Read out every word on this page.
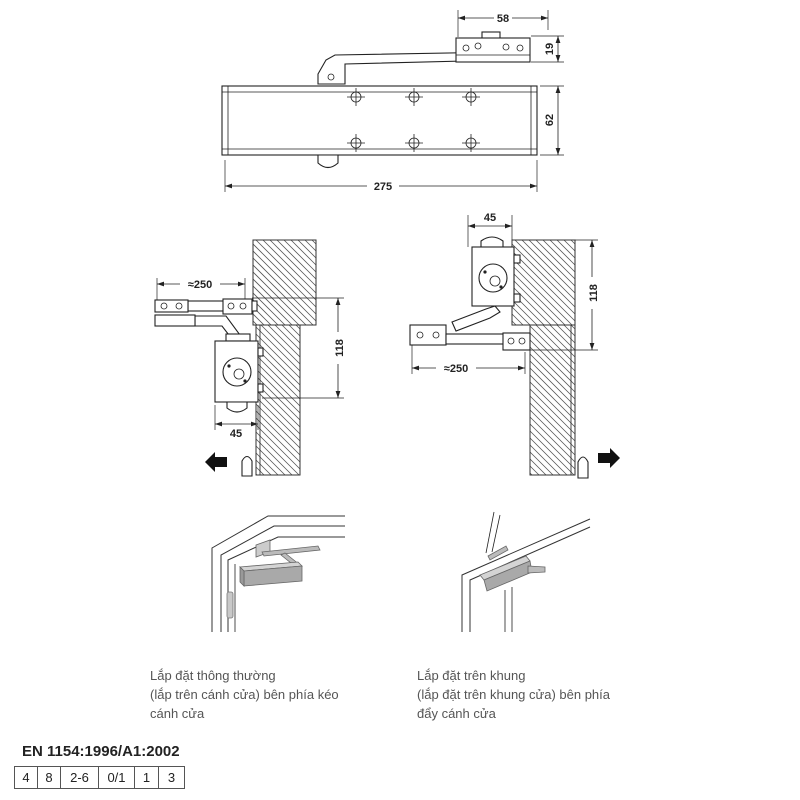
58
19
62
275
≈250
118
45
45
118
≈250
Lắp đặt thông thường
(lắp trên cánh cửa) bên phía kéo
cánh cửa
Lắp đặt trên khung
(lắp đặt trên khung cửa) bên phía
đẩy cánh cửa
EN 1154:1996/A1:2002
4	8	2-6	0/1	1	3
